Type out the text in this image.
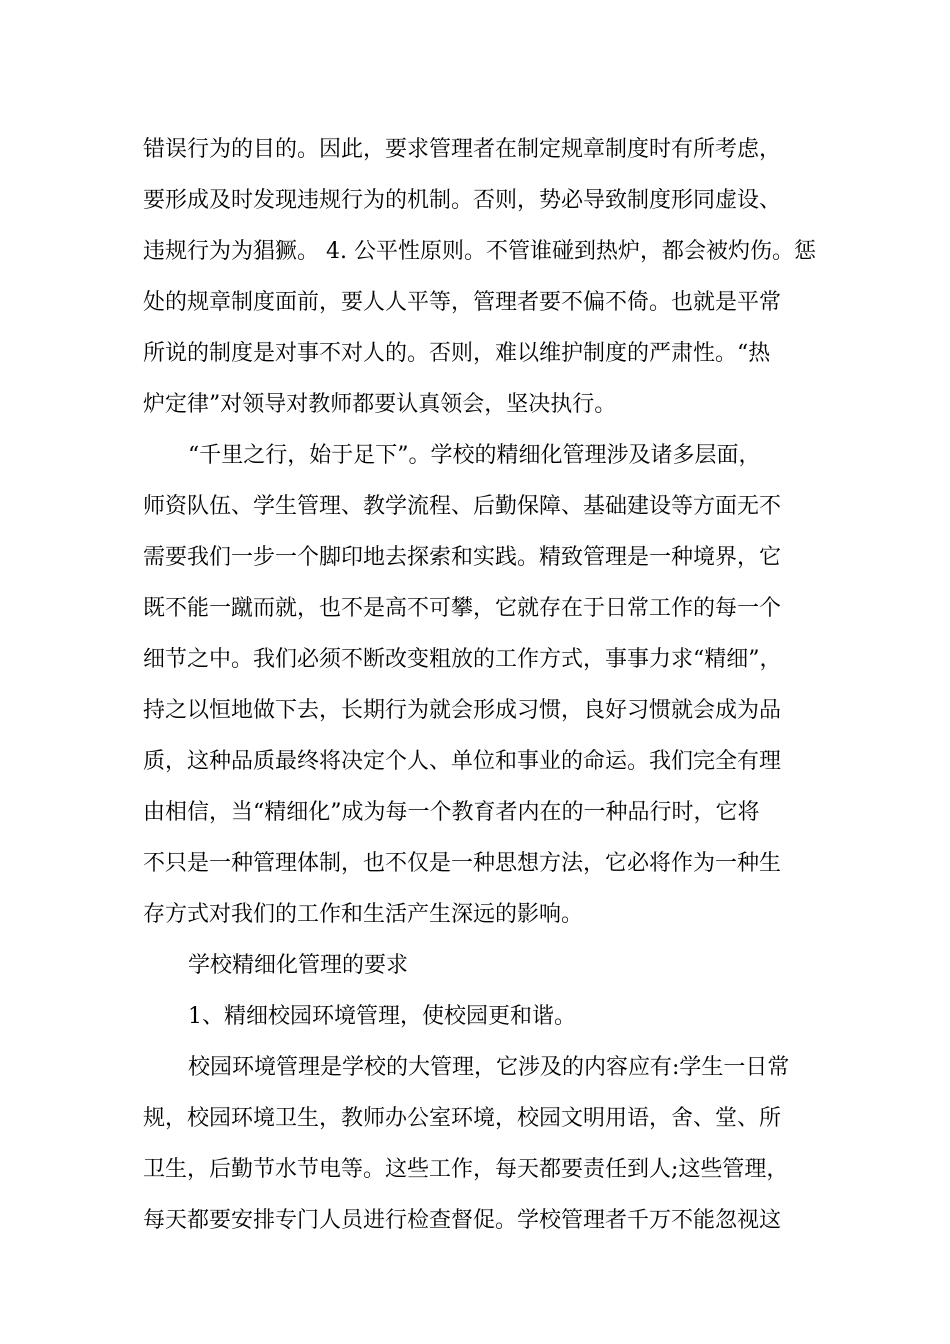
错误行为的目的。因此，要求管理者在制定规章制度时有所考虑，
要形成及时发现违规行为的机制。否则，势必导致制度形同虚设、
违规行为为猖獗。 4. 公平性原则。不管谁碰到热炉，都会被灼伤。惩
处的规章制度面前，要人人平等，管理者要不偏不倚。也就是平常
所说的制度是对事不对人的。否则，难以维护制度的严肃性。“热
炉定律”对领导对教师都要认真领会，坚决执行。
“千里之行，始于足下”。学校的精细化管理涉及诸多层面，
师资队伍、学生管理、教学流程、后勤保障、基础建设等方面无不
需要我们一步一个脚印地去探索和实践。精致管理是一种境界，它
既不能一蹴而就，也不是高不可攀，它就存在于日常工作的每一个
细节之中。我们必须不断改变粗放的工作方式，事事力求“精细”，
持之以恒地做下去，长期行为就会形成习惯，良好习惯就会成为品
质，这种品质最终将决定个人、单位和事业的命运。我们完全有理
由相信，当“精细化”成为每一个教育者内在的一种品行时，它将
不只是一种管理体制，也不仅是一种思想方法，它必将作为一种生
存方式对我们的工作和生活产生深远的影响。
学校精细化管理的要求
1、精细校园环境管理，使校园更和谐。
校园环境管理是学校的大管理，它涉及的内容应有:学生一日常
规，校园环境卫生，教师办公室环境，校园文明用语，舍、堂、所
卫生，后勤节水节电等。这些工作，每天都要责任到人;这些管理，
每天都要安排专门人员进行检查督促。学校管理者千万不能忽视这
